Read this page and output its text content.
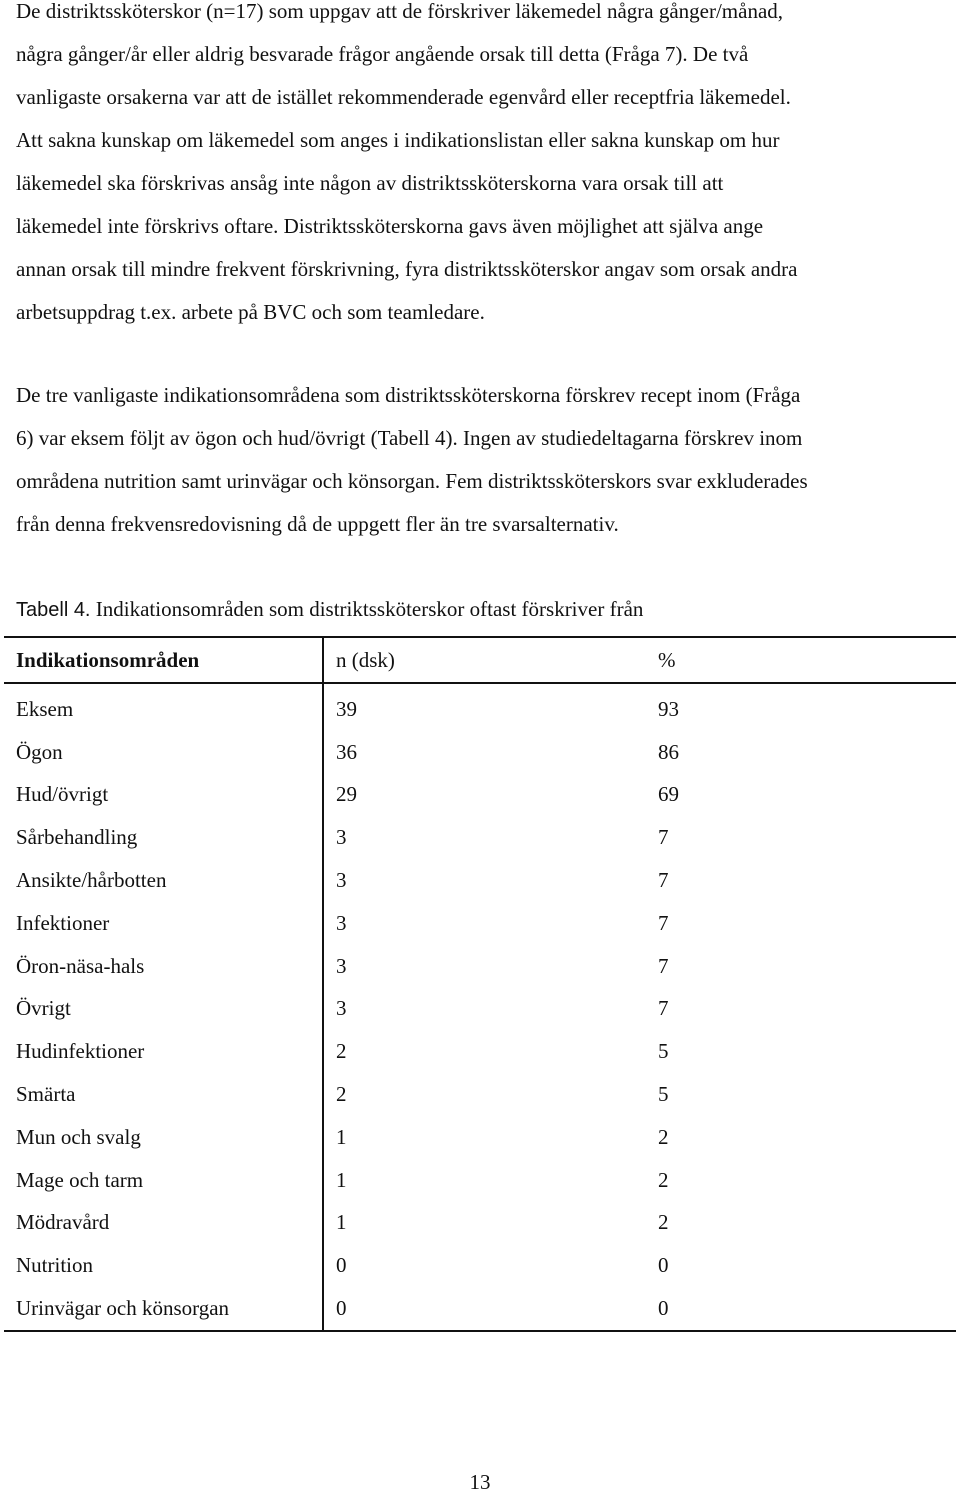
De distriktssköterskor (n=17) som uppgav att de förskriver läkemedel några gånger/månad,
några gånger/år eller aldrig besvarade frågor angående orsak till detta (Fråga 7). De två
vanligaste orsakerna var att de istället rekommenderade egenvård eller receptfria läkemedel.
Att sakna kunskap om läkemedel som anges i indikationslistan eller sakna kunskap om hur
läkemedel ska förskrivas ansåg inte någon av distriktssköterskorna vara orsak till att
läkemedel inte förskrivs oftare. Distriktssköterskorna gavs även möjlighet att själva ange
annan orsak till mindre frekvent förskrivning, fyra distriktssköterskor angav som orsak andra
arbetsuppdrag t.ex. arbete på BVC och som teamledare.

De tre vanligaste indikationsområdena som distriktssköterskorna förskrev recept inom (Fråga
6) var eksem följt av ögon och hud/övrigt (Tabell 4). Ingen av studiedeltagarna förskrev inom
områdena nutrition samt urinvägar och könsorgan. Fem distriktssköterskors svar exkluderades
från denna frekvensredovisning då de uppgett fler än tre svarsalternativ.

Tabell 4. Indikationsområden som distriktssköterskor oftast förskriver från
Indikationsområden	n (dsk)	%
Eksem	39	93
Ögon	36	86
Hud/övrigt	29	69
Sårbehandling	3	7
Ansikte/hårbotten	3	7
Infektioner	3	7
Öron-näsa-hals	3	7
Övrigt	3	7
Hudinfektioner	2	5
Smärta	2	5
Mun och svalg	1	2
Mage och tarm	1	2
Mödravård	1	2
Nutrition	0	0
Urinvägar och könsorgan	0	0
13
